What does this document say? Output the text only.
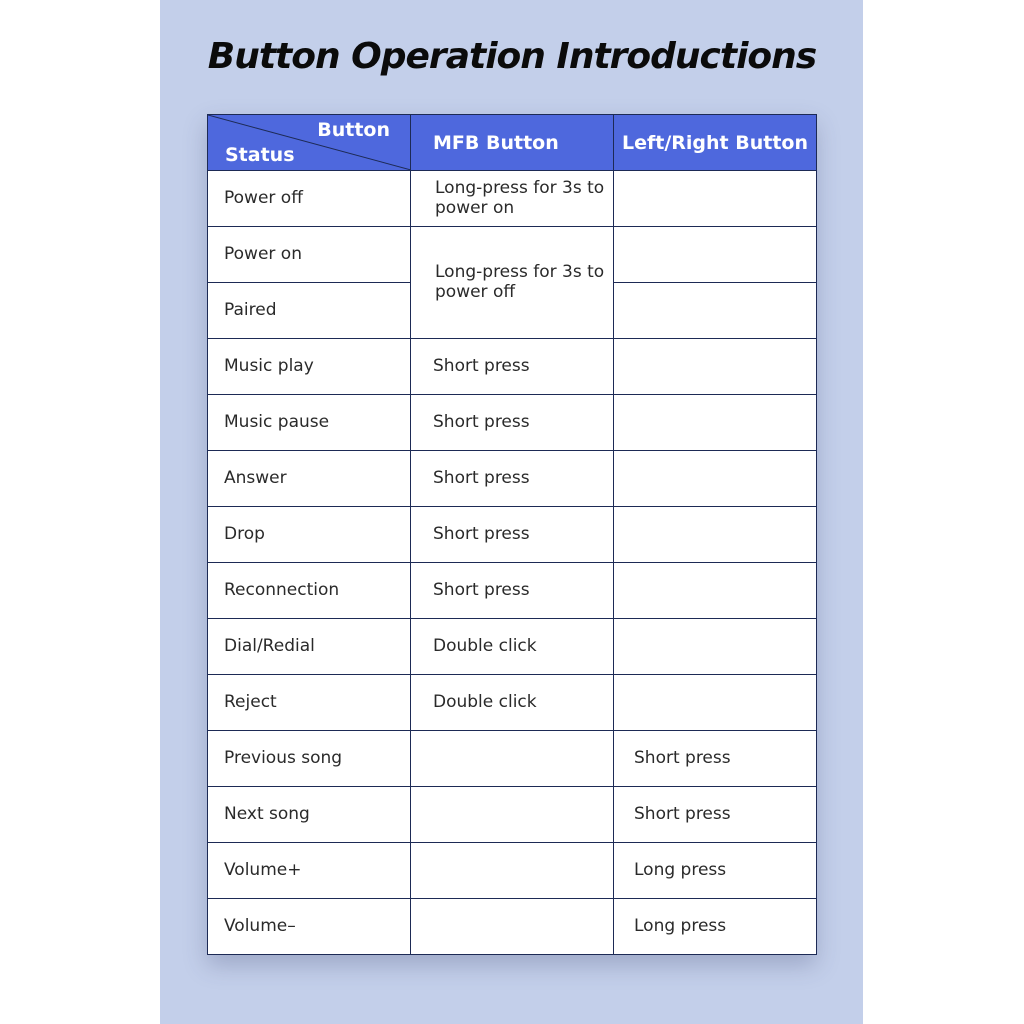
Button Operation Introductions
Button
Status	MFB Button	Left/Right Button
Power off	Long-press for 3s to power on	
Power on	Long-press for 3s to power off	
Paired		
Music play	Short press	
Music pause	Short press	
Answer	Short press	
Drop	Short press	
Reconnection	Short press	
Dial/Redial	Double click	
Reject	Double click	
Previous song		Short press
Next song		Short press
Volume+		Long press
Volume–		Long press
